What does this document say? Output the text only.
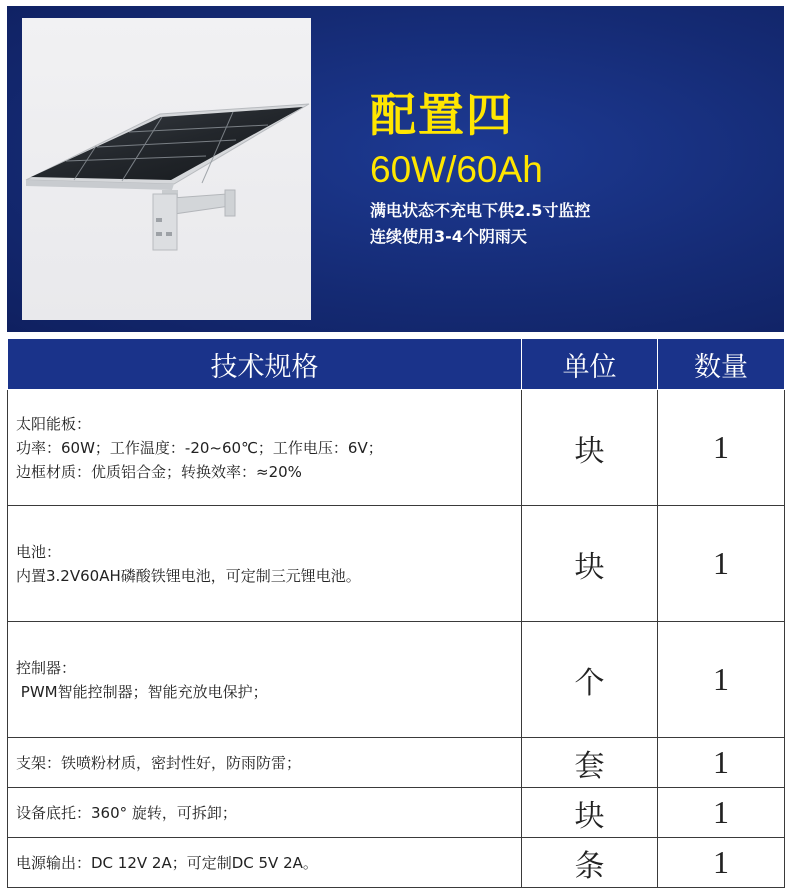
配置四
60W/60Ah
满电状态不充电下供2.5寸监控
连续使用3-4个阴雨天
技术规格	单位	数量

太阳能板：
功率：60W；工作温度：-20~60℃；工作电压：6V；
边框材质：优质铝合金；转换效率：≈20%	块	1

电池：
内置3.2V60AH磷酸铁锂电池，可定制三元锂电池。	块	1

控制器：
PWM智能控制器；智能充放电保护；	个	1

支架：铁喷粉材质，密封性好，防雨防雷；	套	1

设备底托：360° 旋转，可拆卸；	块	1

电源输出：DC 12V 2A；可定制DC 5V 2A。	条	1
